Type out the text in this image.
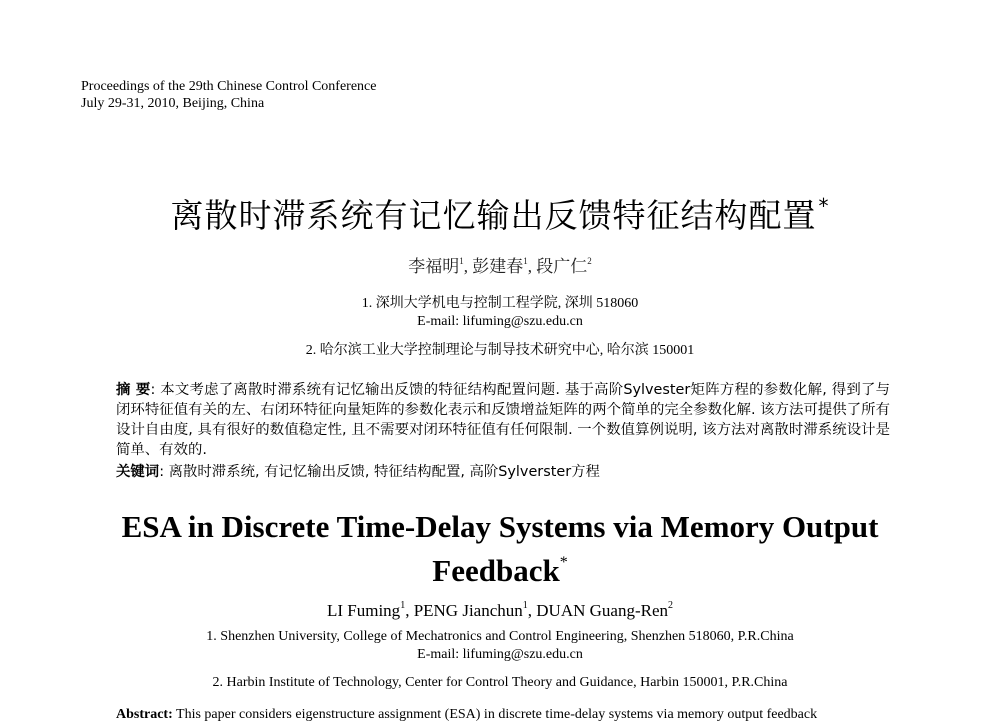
Proceedings of the 29th Chinese Control Conference
July 29-31, 2010, Beijing, China
离散时滞系统有记忆输出反馈特征结构配置 *
李福明$^1$, 彭建春$^1$, 段广仁$^2$
1. 深圳大学机电与控制工程学院, 深圳 518060
E-mail: lifuming@szu.edu.cn
2. 哈尔滨工业大学控制理论与制导技术研究中心, 哈尔滨 150001
摘 要: 本文考虑了离散时滞系统有记忆输出反馈的特征结构配置问题. 基于高阶Sylvester矩阵方程的参数化解, 得到了与闭环特征值有关的左、右闭环特征向量矩阵的参数化表示和反馈增益矩阵的两个简单的完全参数化解. 该方法可提供了所有设计自由度, 具有很好的数值稳定性, 且不需要对闭环特征值有任何限制. 一个数值算例说明, 该方法对离散时滞系统设计是简单、有效的.
关键词: 离散时滞系统, 有记忆输出反馈, 特征结构配置, 高阶Sylverster方程
ESA in Discrete Time-Delay Systems via Memory Output Feedback*
LI Fuming$^1$, PENG Jianchun$^1$, DUAN Guang-Ren$^2$
1. Shenzhen University, College of Mechatronics and Control Engineering, Shenzhen 518060, P.R.China
E-mail: lifuming@szu.edu.cn
2. Harbin Institute of Technology, Center for Control Theory and Guidance, Harbin 150001, P.R.China
Abstract: This paper considers eigenstructure assignment (ESA) in discrete time-delay systems via memory output feedback
